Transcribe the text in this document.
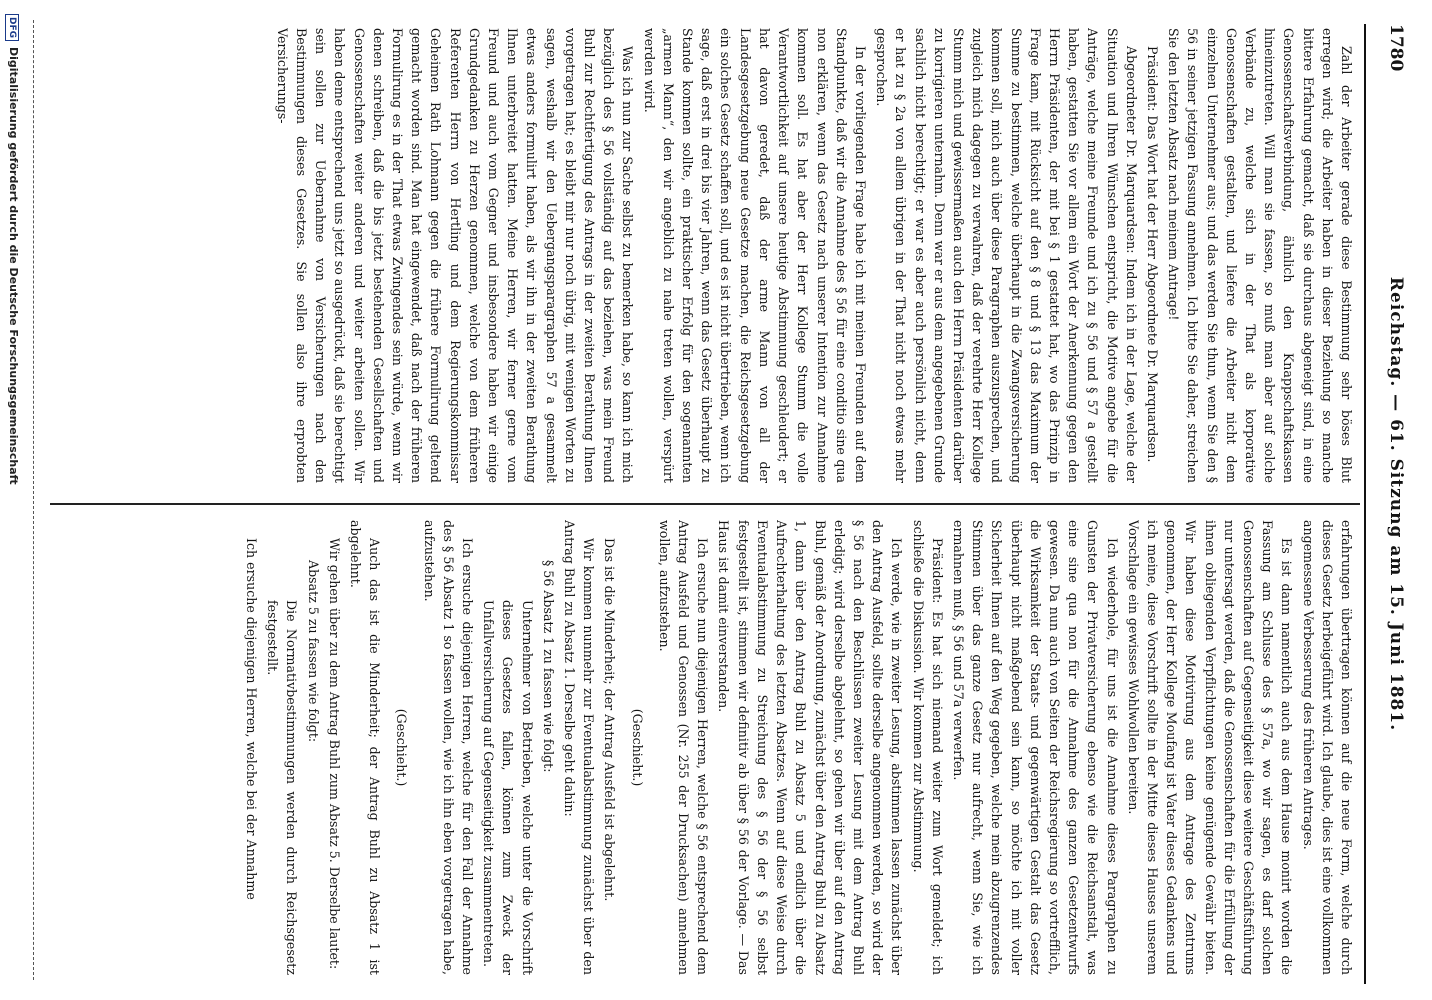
1780
Reichstag. — 61. Sitzung am 15. Juni 1881.

Zahl der Arbeiter gerade diese Bestimmung sehr böses Blut erregen wird; die Arbeiter haben in dieser Beziehung so manche bittere Erfahrung gemacht, daß sie durchaus abgeneigt sind, in eine Genossenschaftsverbindung, ähnlich den Knappschaftskassen hineinzutreten. Will man sie fassen, so muß man aber auf solche Verbände zu, welche sich in der That als korporative Genossenschaften gestalten, und liefere die Arbeiter nicht dem einzelnen Unternehmer aus; und das werden Sie thun, wenn Sie den § 56 in seiner jetzigen Fassung annehmen. Ich bitte Sie daher, streichen Sie den letzten Absatz nach meinem Antrage!

Präsident: Das Wort hat der Herr Abgeordnete Dr. Marquardsen.

Abgeordneter Dr. Marquardsen: Indem ich in der Lage, welche der Situation und Ihren Wünschen entspricht, die Motive angebe für die Anträge, welche meine Freunde und ich zu § 56 und § 57 a gestellt haben, gestatten Sie vor allem ein Wort der Anerkennung gegen den Herrn Präsidenten, der mit bei § 1 gestattet hat, wo das Prinzip in Frage kam, mit Rücksicht auf den § 8 und § 13 das Maximum der Summe zu bestimmen, welche überhaupt in die Zwangsversicherung kommen soll, mich auch über diese Paragraphen auszusprechen, und zugleich mich dagegen zu verwahren, daß der verehrte Herr Kollege Stumm mich und gewissermaßen auch den Herrn Präsidenten darüber zu korrigieren unternahm. Denn war er aus dem angegebenen Grunde sachlich nicht berechtigt; er war es aber auch persönlich nicht, denn er hat zu § 2a von allem übrigen in der That nicht noch etwas mehr gesprochen.

In der vorliegenden Frage habe ich mit meinen Freunden auf dem Standpunkte, daß wir die Annahme des § 56 für eine conditio sine qua non erklären, wenn das Gesetz nach unserer Intention zur Annahme kommen soll. Es hat aber der Herr Kollege Stumm die volle Verantwortlichkeit auf unsere heutige Abstimmung geschleudert; er hat davon geredet, daß der arme Mann von all der Landesgesetzgebung neue Gesetze machen, die Reichsgesetzgebung ein solches Gesetz schaffen soll, und es ist nicht übertrieben, wenn ich sage, daß erst in drei bis vier Jahren, wenn das Gesetz überhaupt zu Stande kommen sollte, ein praktischer Erfolg für den sogenannten „armen Mann“, den wir angeblich zu nahe treten wollen, verspürt werden wird.

Was ich nun zur Sache selbst zu bemerken habe, so kann ich mich bezüglich des § 56 vollständig auf das beziehen, was mein Freund Buhl zur Rechtfertigung des Antrags in der zweiten Berathung Ihnen vorgetragen hat; es bleibt mir nur noch übrig, mit wenigen Worten zu sagen, weshalb wir den Uebergangsparagraphen 57 a gesammelt etwas anders formulirt haben, als wir ihn in der zweiten Berathung Ihnen unterbreitet hatten. Meine Herren, wir ferner gerne vom Freund und auch vom Gegner und insbesondere haben wir einige Grundgedanken zu Herzen genommen, welche von dem früheren Referenten Herrn von Hertling und dem Regierungskommissar Geheimen Rath Lohmann gegen die frühere Formulirung geltend gemacht worden sind. Man hat eingewendet, daß nach der früheren Formulirung es in der That etwas Zwingendes sein würde, wenn wir denen schreiben, daß die bis jetzt bestehenden Gesellschaften und Genossenschaften weiter anderen und weiter arbeiten sollen. Wir haben deme entsprechend uns jetzt so ausgedrückt, daß sie berechtigt sein sollen zur Uebernahme von Versicherungen nach den Bestimmungen dieses Gesetzes. Sie sollen also ihre erprobten Versicherungs-

erfahrungen übertragen können auf die neue Form, welche durch dieses Gesetz herbeigeführt wird. Ich glaube, dies ist eine vollkommen angemessene Verbesserung des früheren Antrages.

Es ist dann namentlich auch aus dem Hause monirt worden die Fassung am Schlusse des § 57a, wo wir sagen, es darf solchen Genossenschaften auf Gegenseitigkeit diese weitere Geschäftsführung nur untersagt werden, daß die Genossenschaften für die Erfüllung der ihnen obliegenden Verpflichtungen keine genügende Gewähr bieten. Wir haben diese Motivirung aus dem Antrage des Zentrums genommen, der Herr Kollege Moufang ist Vater dieses Gedankens und ich meine, diese Vorschrift sollte in der Mitte dieses Hauses unserem Vorschlage ein gewisses Wohlwollen bereiten.

Ich wiederhole, für uns ist die Annahme dieses Paragraphen zu Gunsten der Privatversicherung ebenso wie die Reichsanstalt, was eine sine qua non für die Annahme des ganzen Gesetzentwurfs gewesen. Da nun auch von Seiten der Reichsregierung so vortrefflich, die Wirksamkeit der Staats- und gegenwärtigen Gestalt das Gesetz überhaupt nicht maßgebend sein kann, so möchte ich mit voller Sicherheit Ihnen auf den Weg gegeben, welche mein abzugrenzendes Stimmen über das ganze Gesetz nur aufrecht, wenn Sie, wie ich ermahnen muß, § 56 und 57a verwerfen.

Präsident: Es hat sich niemand weiter zum Wort gemeldet; ich schließe die Diskussion. Wir kommen zur Abstimmung.

Ich werde, wie in zweiter Lesung, abstimmen lassen zunächst über den Antrag Ausfeld, sollte derselbe angenommen werden, so wird der § 56 nach den Beschlüssen zweiter Lesung mit dem Antrag Buhl erledigt; wird derselbe abgelehnt, so gehen wir über auf den Antrag Buhl, gemäß der Anordnung, zunächst über den Antrag Buhl zu Absatz 1, dann über den Antrag Buhl zu Absatz 5 und endlich über die Aufrechterhaltung des letzten Absatzes. Wenn auf diese Weise durch Eventualabstimmung zu Streichung des § 56 der § 56 selbst festgestellt ist, stimmen wir definitiv ab über § 56 der Vorlage. — Das Haus ist damit einverstanden.

Ich ersuche nun diejenigen Herren, welche § 56 entsprechend dem Antrag Ausfeld und Genossen (Nr. 255 der Drucksachen) annehmen wollen, aufzustehen.

(Geschieht.)

Das ist die Minderheit; der Antrag Ausfeld ist abgelehnt.

Wir kommen nunmehr zur Eventualabstimmung zunächst über den Antrag Buhl zu Absatz 1. Derselbe geht dahin:

§ 56 Absatz 1 zu fassen wie folgt:

Unternehmer von Betrieben, welche unter die Vorschrift dieses Gesetzes fallen, können zum Zweck der Unfallversicherung auf Gegenseitigkeit zusammentreten.

Ich ersuche diejenigen Herren, welche für den Fall der Annahme des § 56 Absatz 1 so fassen wollen, wie ich ihn eben vorgetragen habe, aufzustehen.

(Geschieht.)

Auch das ist die Minderheit; der Antrag Buhl zu Absatz 1 ist abgelehnt.

Wir gehen über zu dem Antrag Buhl zum Absatz 5. Derselbe lautet:

Absatz 5 zu fassen wie folgt:

Die Normativbestimmungen werden durch Reichsgesetz festgestellt.

Ich ersuche diejenigen Herren, welche bei der Annahme

DFGDigitalisierung gefördert durch die Deutsche Forschungsgemeinschaft
